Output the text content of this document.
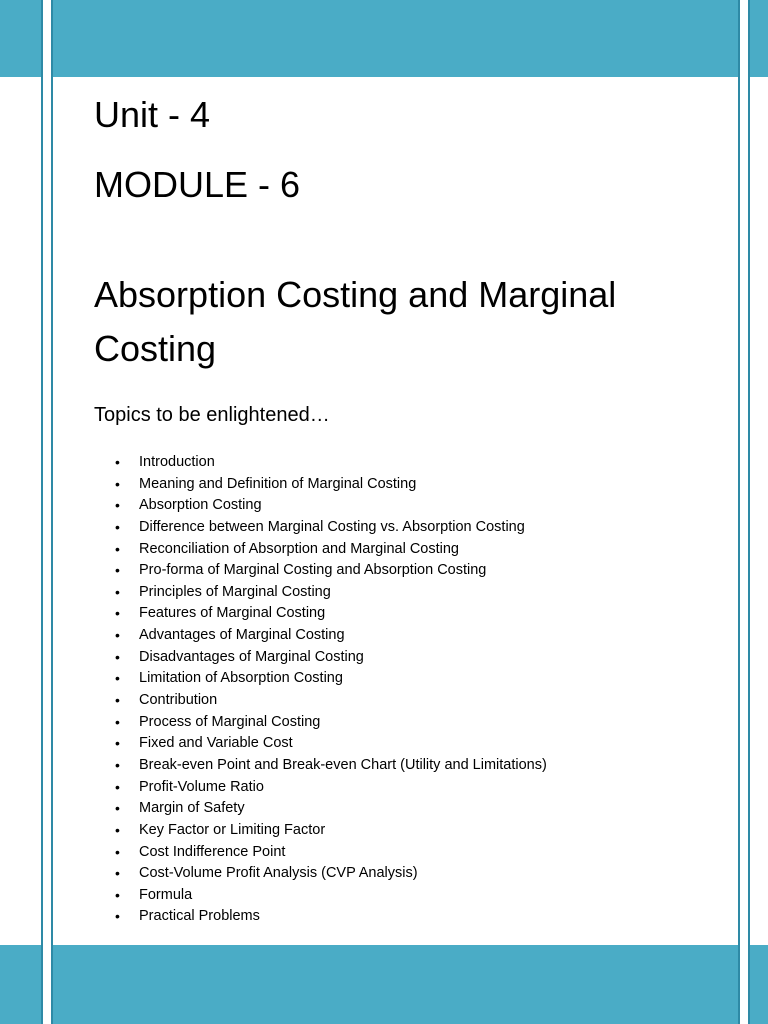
Unit - 4
MODULE - 6
Absorption Costing and Marginal Costing

Topics to be enlightened…

• Introduction
• Meaning and Definition of Marginal Costing
• Absorption Costing
• Difference between Marginal Costing vs. Absorption Costing
• Reconciliation of Absorption and Marginal Costing
• Pro-forma of Marginal Costing and Absorption Costing
• Principles of Marginal Costing
• Features of Marginal Costing
• Advantages of Marginal Costing
• Disadvantages of Marginal Costing
• Limitation of Absorption Costing
• Contribution
• Process of Marginal Costing
• Fixed and Variable Cost
• Break-even Point and Break-even Chart (Utility and Limitations)
• Profit-Volume Ratio
• Margin of Safety
• Key Factor or Limiting Factor
• Cost Indifference Point
• Cost-Volume Profit Analysis (CVP Analysis)
• Formula
• Practical Problems
